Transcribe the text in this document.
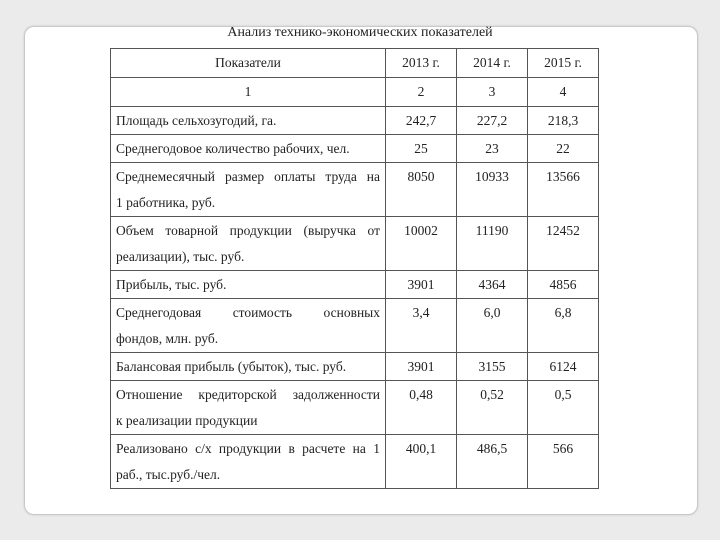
Анализ технико-экономических показателей
Показатели	2013 г.	2014 г.	2015 г.
1	2	3	4

Площадь сельхозугодий, га.	242,7	227,2	218,3

Среднегодовое количество рабочих, чел.	25	23	22

Среднемесячный размер оплаты труда на
1 работника, руб.	8050	10933	13566

Объем товарной продукции (выручка от
реализации), тыс. руб.	10002	11190	12452

Прибыль, тыс. руб.	3901	4364	4856

Среднегодовая стоимость основных
фондов, млн. руб.	3,4	6,0	6,8

Балансовая прибыль (убыток), тыс. руб.	3901	3155	6124

Отношение кредиторской задолженности
к реализации продукции	0,48	0,52	0,5

Реализовано с/х продукции в расчете на 1
раб., тыс.руб./чел.	400,1	486,5	566
